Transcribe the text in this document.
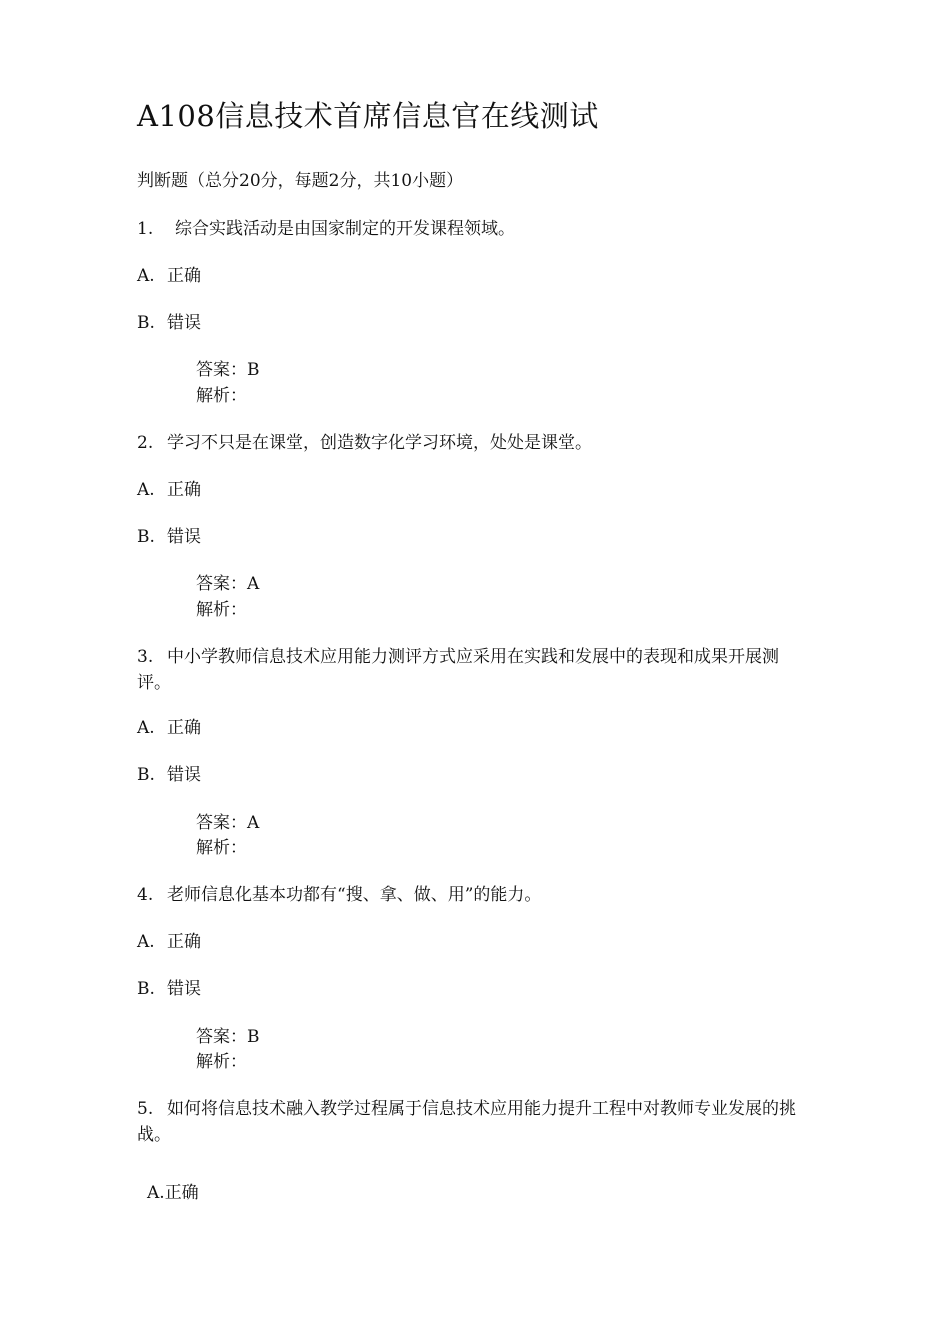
A108信息技术首席信息官在线测试
判断题（总分20分，每题2分，共10小题）
1. 综合实践活动是由国家制定的开发课程领域。
A. 正确
B. 错误
答案：B
解析：
2. 学习不只是在课堂，创造数字化学习环境，处处是课堂。
A. 正确
B. 错误
答案：A
解析：
3. 中小学教师信息技术应用能力测评方式应采用在实践和发展中的表现和成果开展测评。
A. 正确
B. 错误
答案：A
解析：
4. 老师信息化基本功都有“搜、拿、做、用”的能力。
A. 正确
B. 错误
答案：B
解析：
5. 如何将信息技术融入教学过程属于信息技术应用能力提升工程中对教师专业发展的挑战。
A.正确
